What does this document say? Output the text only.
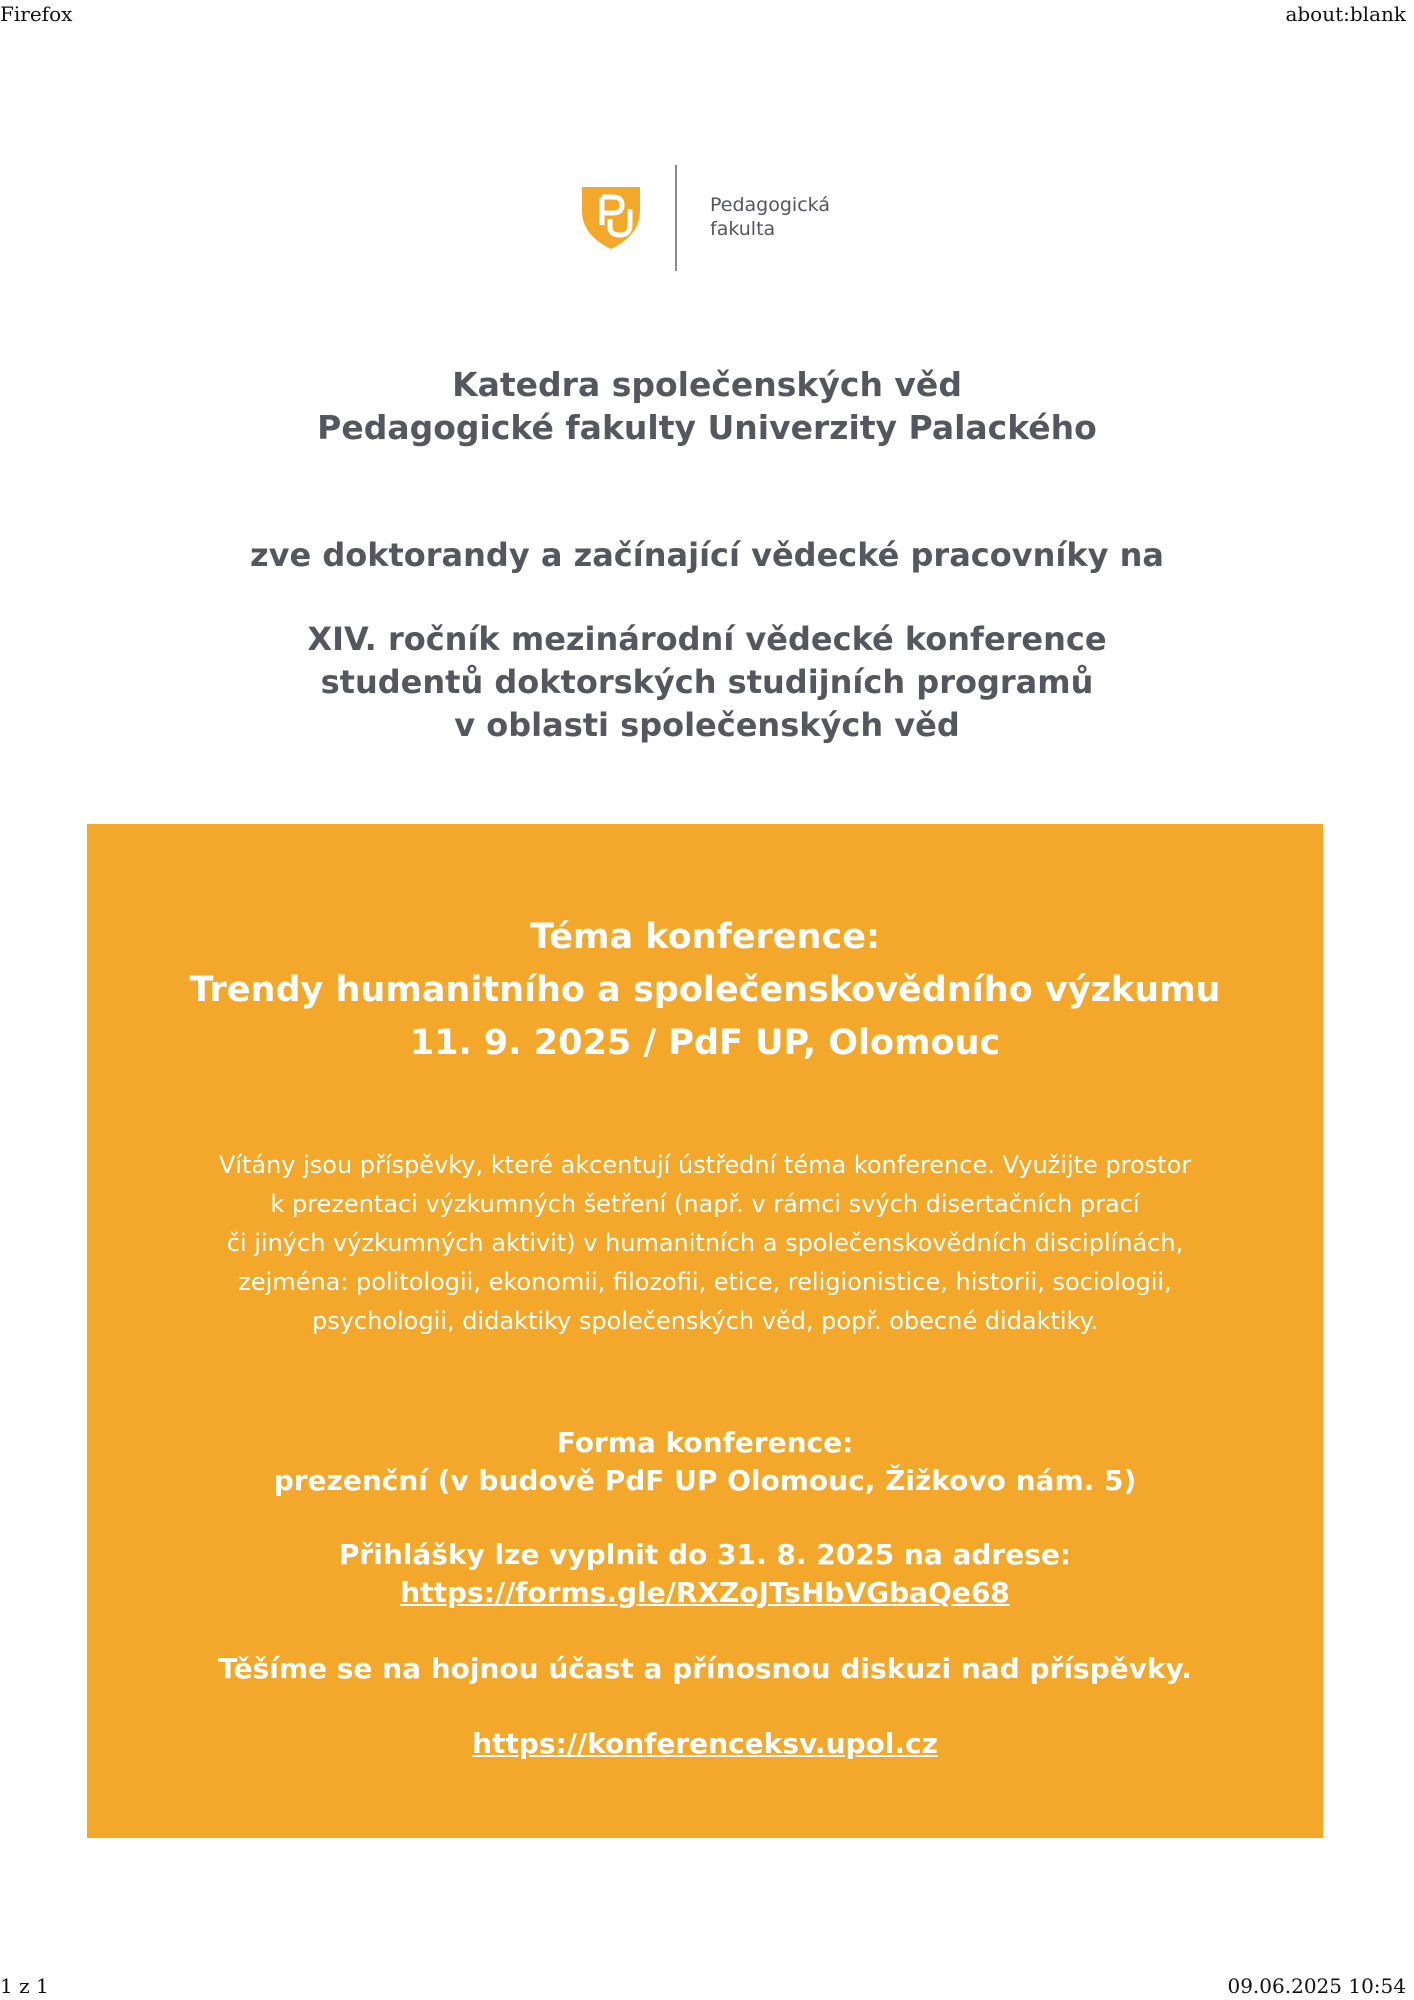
Firefox	about:blank
Pedagogická
fakulta
Katedra společenských věd
Pedagogické fakulty Univerzity Palackého
zve doktorandy a začínající vědecké pracovníky na
XIV. ročník mezinárodní vědecké konference
studentů doktorských studijních programů
v oblasti společenských věd
Téma konference:
Trendy humanitního a společenskovědního výzkumu
11. 9. 2025 / PdF UP, Olomouc
Vítány jsou příspěvky, které akcentují ústřední téma konference. Využijte prostor
k prezentaci výzkumných šetření (např. v rámci svých disertačních prací
či jiných výzkumných aktivit) v humanitních a společenskovědních disciplínách,
zejména: politologii, ekonomii, filozofii, etice, religionistice, historii, sociologii,
psychologii, didaktiky společenských věd, popř. obecné didaktiky.
Forma konference:
prezenční (v budově PdF UP Olomouc, Žižkovo nám. 5)
Přihlášky lze vyplnit do 31. 8. 2025 na adrese:
https://forms.gle/RXZoJTsHbVGbaQe68
Těšíme se na hojnou účast a přínosnou diskuzi nad příspěvky.
https://konferenceksv.upol.cz
1 z 1	09.06.2025 10:54
